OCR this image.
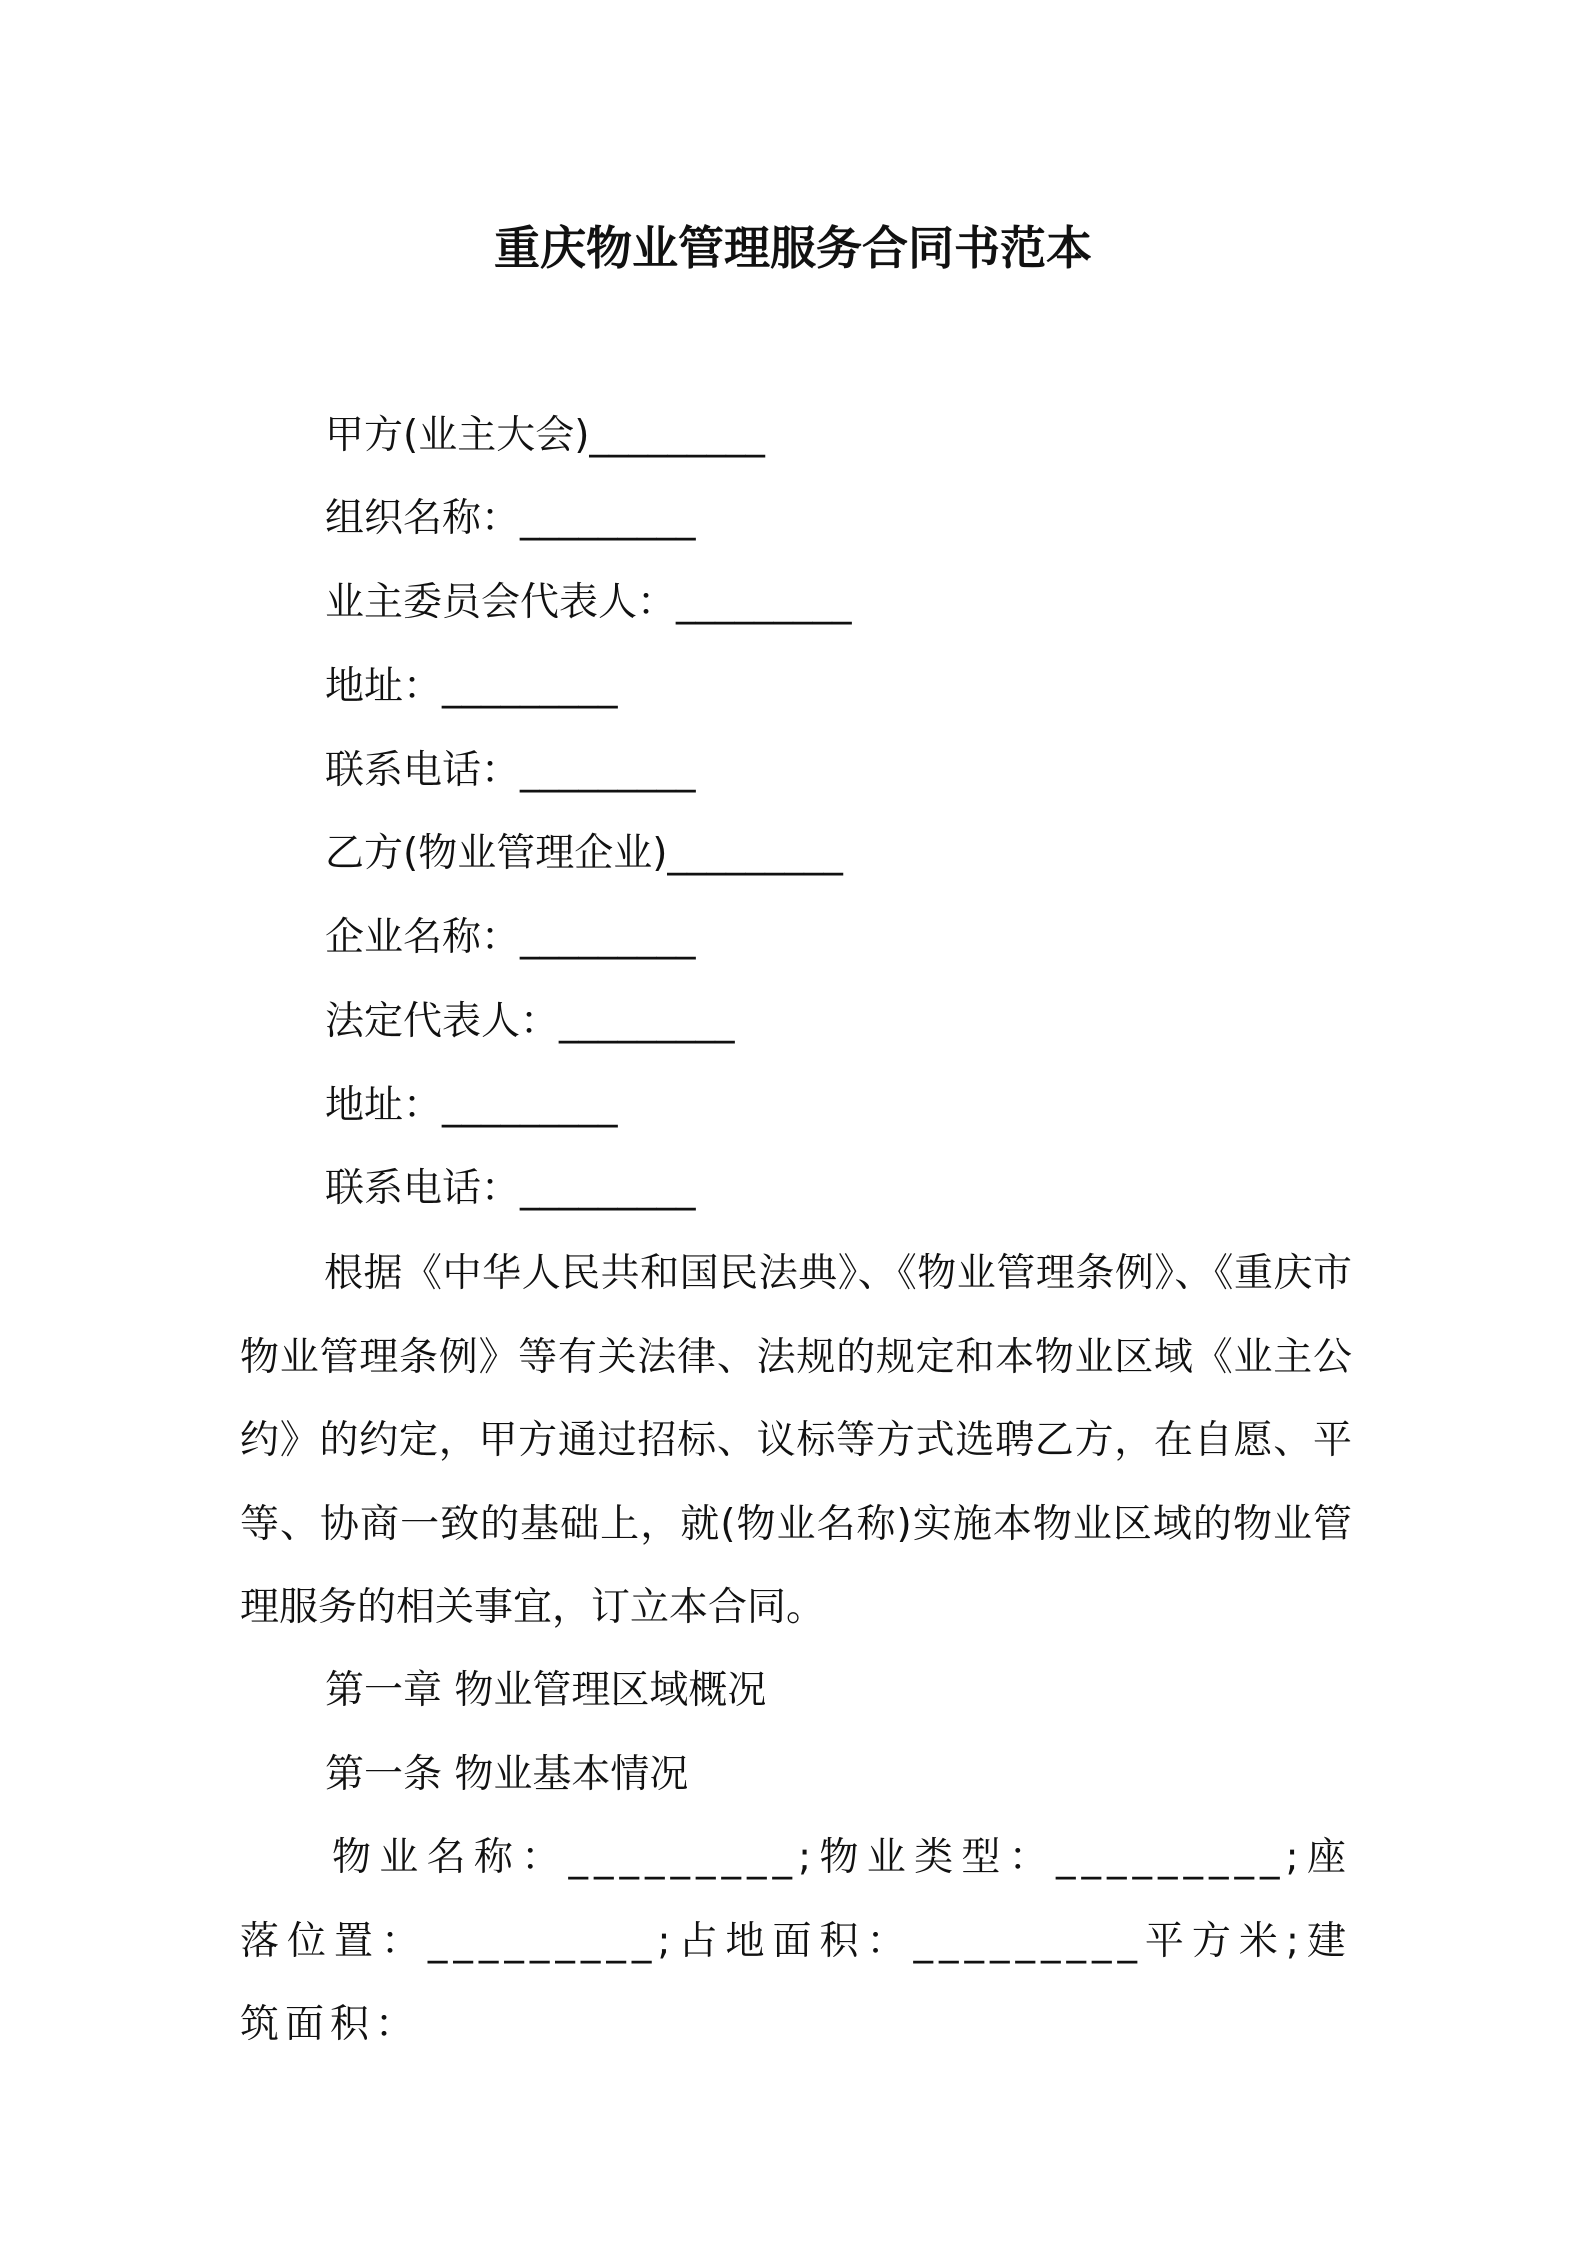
重庆物业管理服务合同书范本
甲方(业主大会)_________
组织名称：_________
业主委员会代表人：_________
地址：_________
联系电话：_________
乙方(物业管理企业)_________
企业名称：_________
法定代表人：_________
地址：_________
联系电话：_________

根据《中华人民共和国民法典》、《物业管理条例》、《重庆市物业管理条例》等有关法律、法规的规定和本物业区域《业主公约》的约定，甲方通过招标、议标等方式选聘乙方，在自愿、平等、协商一致的基础上，就(物业名称)实施本物业区域的物业管理服务的相关事宜，订立本合同。

第一章 物业管理区域概况
第一条 物业基本情况

物业名称：_________;物业类型：_________;座落位置：_________;占地面积：_________平方米;建筑面积：
